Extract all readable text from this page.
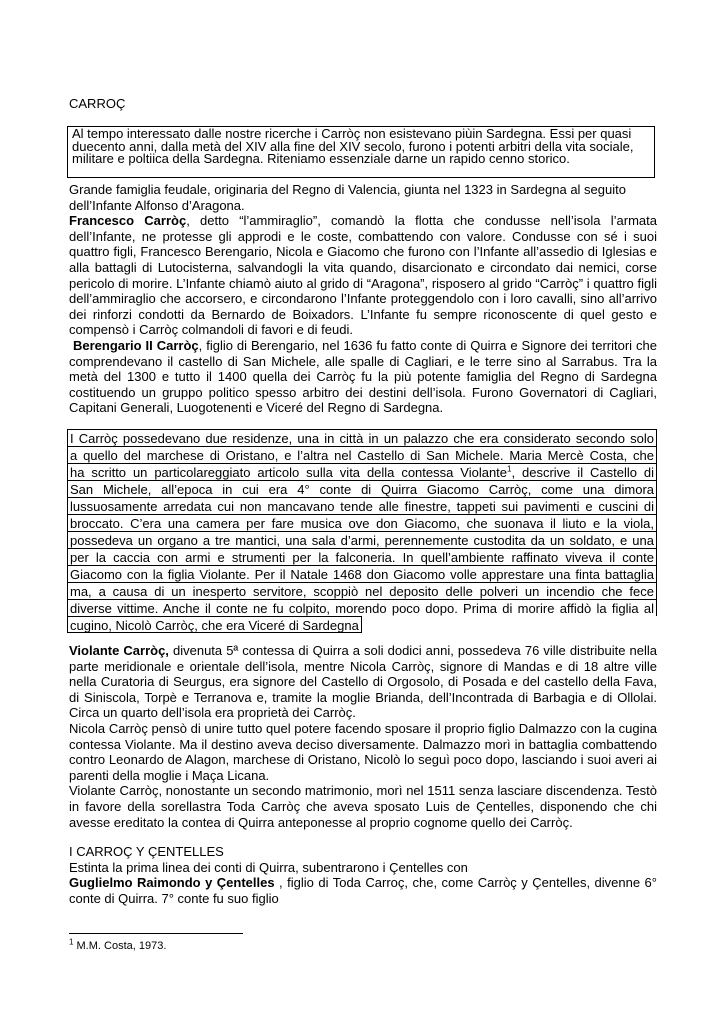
CARROÇ
Al tempo interessato dalle nostre ricerche i Carròç non esistevano piùin Sardegna. Essi per quasi duecento anni, dalla metà del XIV alla fine del XIV secolo, furono i potenti arbitri della vita sociale, militare e poltiica della Sardegna. Riteniamo essenziale darne un rapido cenno storico.

Grande famiglia feudale, originaria del Regno di Valencia, giunta nel 1323 in Sardegna al seguito dell’Infante Alfonso d’Aragona.

Francesco Carròç, detto “l’ammiraglio”, comandò la flotta che condusse nell’isola l’armata dell’Infante, ne protesse gli approdi e le coste, combattendo con valore. Condusse con sé i suoi quattro figli, Francesco Berengario, Nicola e Giacomo che furono con l’Infante all’assedio di Iglesias e alla battagli di Lutocisterna, salvandogli la vita quando, disarcionato e circondato dai nemici, corse pericolo di morire. L’Infante chiamò aiuto al grido di “Aragona”, risposero al grido “Carròç” i quattro figli dell’ammiraglio che accorsero, e circondarono l’Infante proteggendolo con i loro cavalli, sino all’arrivo dei rinforzi condotti da Bernardo de Boixadors. L’Infante fu sempre riconoscente di quel gesto e compensò i Carròç colmandoli di favori e di feudi.

Berengario II Carròç, figlio di Berengario, nel 1636 fu fatto conte di Quirra e Signore dei territori che comprendevano il castello di San Michele, alle spalle di Cagliari, e le terre sino al Sarrabus. Tra la metà del 1300 e tutto il 1400 quella dei Carròç fu la più potente famiglia del Regno di Sardegna costituendo un gruppo politico spesso arbitro dei destini dell’isola. Furono Governatori di Cagliari, Capitani Generali, Luogotenenti e Viceré del Regno di Sardegna.

I Carròç possedevano due residenze, una in città in un palazzo che era considerato secondo solo
a quello del marchese di Oristano, e l’altra nel Castello di San Michele. Maria Mercè Costa, che
ha scritto un particolareggiato articolo sulla vita della contessa Violante$^1$, descrive il Castello di
San Michele, all’epoca in cui era 4° conte di Quirra Giacomo Carròç, come una dimora
lussuosamente arredata cui non mancavano tende alle finestre, tappeti sui pavimenti e cuscini di
broccato. C’era una camera per fare musica ove don Giacomo, che suonava il liuto e la viola,
possedeva un organo a tre mantici, una sala d’armi, perennemente custodita da un soldato, e una
per la caccia con armi e strumenti per la falconeria. In quell’ambiente raffinato viveva il conte
Giacomo con la figlia Violante. Per il Natale 1468 don Giacomo volle apprestare una finta battaglia
ma, a causa di un inesperto servitore, scoppiò nel deposito delle polveri un incendio che fece
diverse vittime. Anche il conte ne fu colpito, morendo poco dopo. Prima di morire affidò la figlia al
cugino, Nicolò Carròç, che era Viceré di Sardegna

Violante Carròç, divenuta 5ª contessa di Quirra a soli dodici anni, possedeva 76 ville distribuite nella parte meridionale e orientale dell’isola, mentre Nicola Carròç, signore di Mandas e di 18 altre ville nella Curatoria di Seurgus, era signore del Castello di Orgosolo, di Posada e del castello della Fava, di Siniscola, Torpè e Terranova e, tramite la moglie Brianda, dell’Incontrada di Barbagia e di Ollolai. Circa un quarto dell’isola era proprietà dei Carròç.

Nicola Carròç pensò di unire tutto quel potere facendo sposare il proprio figlio Dalmazzo con la cugina contessa Violante. Ma il destino aveva deciso diversamente. Dalmazzo morì in battaglia combattendo contro Leonardo de Alagon, marchese di Oristano, Nicolò lo seguì poco dopo, lasciando i suoi averi ai parenti della moglie i Maça Licana.

Violante Carròç, nonostante un secondo matrimonio, morì nel 1511 senza lasciare discendenza. Testò in favore della sorellastra Toda Carròç che aveva sposato Luis de Çentelles, disponendo che chi avesse ereditato la contea di Quirra anteponesse al proprio cognome quello dei Carròç.

I CARROÇ Y ÇENTELLES

Estinta la prima linea dei conti di Quirra, subentrarono i Çentelles con

Guglielmo Raimondo y Çentelles , figlio di Toda Carroç, che, come Carròç y Çentelles, divenne 6° conte di Quirra. 7° conte fu suo figlio

$^1$ M.M. Costa, 1973.
